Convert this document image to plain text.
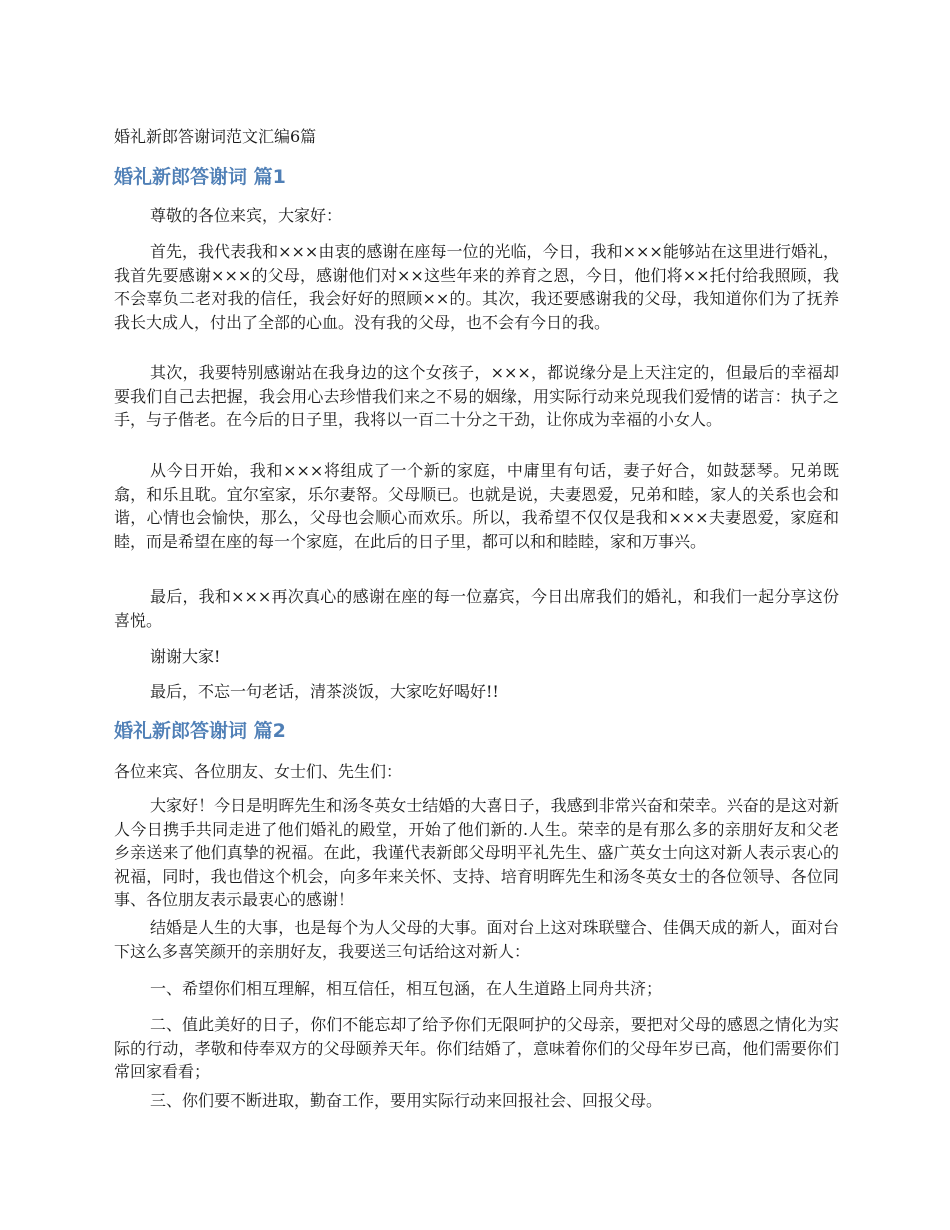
婚礼新郎答谢词范文汇编6篇

婚礼新郎答谢词 篇1

尊敬的各位来宾，大家好：

首先，我代表我和×××由衷的感谢在座每一位的光临，今日，我和×××能够站在这里进行婚礼，我首先要感谢×××的父母，感谢他们对××这些年来的养育之恩，今日，他们将××托付给我照顾，我不会辜负二老对我的信任，我会好好的照顾××的。其次，我还要感谢我的父母，我知道你们为了抚养我长大成人，付出了全部的心血。没有我的父母，也不会有今日的我。

其次，我要特别感谢站在我身边的这个女孩子，×××，都说缘分是上天注定的，但最后的幸福却要我们自己去把握，我会用心去珍惜我们来之不易的姻缘，用实际行动来兑现我们爱情的诺言：执子之手，与子偕老。在今后的日子里，我将以一百二十分之干劲，让你成为幸福的小女人。

从今日开始，我和×××将组成了一个新的家庭，中庸里有句话，妻子好合，如鼓瑟琴。兄弟既翕，和乐且耽。宜尔室家，乐尔妻帑。父母顺已。也就是说，夫妻恩爱，兄弟和睦，家人的关系也会和谐，心情也会愉快，那么，父母也会顺心而欢乐。所以，我希望不仅仅是我和×××夫妻恩爱，家庭和睦，而是希望在座的每一个家庭，在此后的日子里，都可以和和睦睦，家和万事兴。

最后，我和×××再次真心的感谢在座的每一位嘉宾，今日出席我们的婚礼，和我们一起分享这份喜悦。

谢谢大家!

最后，不忘一句老话，清茶淡饭，大家吃好喝好!!

婚礼新郎答谢词 篇2

各位来宾、各位朋友、女士们、先生们：

大家好！今日是明晖先生和汤冬英女士结婚的大喜日子，我感到非常兴奋和荣幸。兴奋的是这对新人今日携手共同走进了他们婚礼的殿堂，开始了他们新的.人生。荣幸的是有那么多的亲朋好友和父老乡亲送来了他们真挚的祝福。在此，我谨代表新郎父母明平礼先生、盛广英女士向这对新人表示衷心的祝福，同时，我也借这个机会，向多年来关怀、支持、培育明晖先生和汤冬英女士的各位领导、各位同事、各位朋友表示最衷心的感谢！

结婚是人生的大事，也是每个为人父母的大事。面对台上这对珠联璧合、佳偶天成的新人，面对台下这么多喜笑颜开的亲朋好友，我要送三句话给这对新人：

一、希望你们相互理解，相互信任，相互包涵，在人生道路上同舟共济；

二、值此美好的日子，你们不能忘却了给予你们无限呵护的父母亲，要把对父母的感恩之情化为实际的行动，孝敬和侍奉双方的父母颐养天年。你们结婚了，意味着你们的父母年岁已高，他们需要你们常回家看看；

三、你们要不断进取，勤奋工作，要用实际行动来回报社会、回报父母。
